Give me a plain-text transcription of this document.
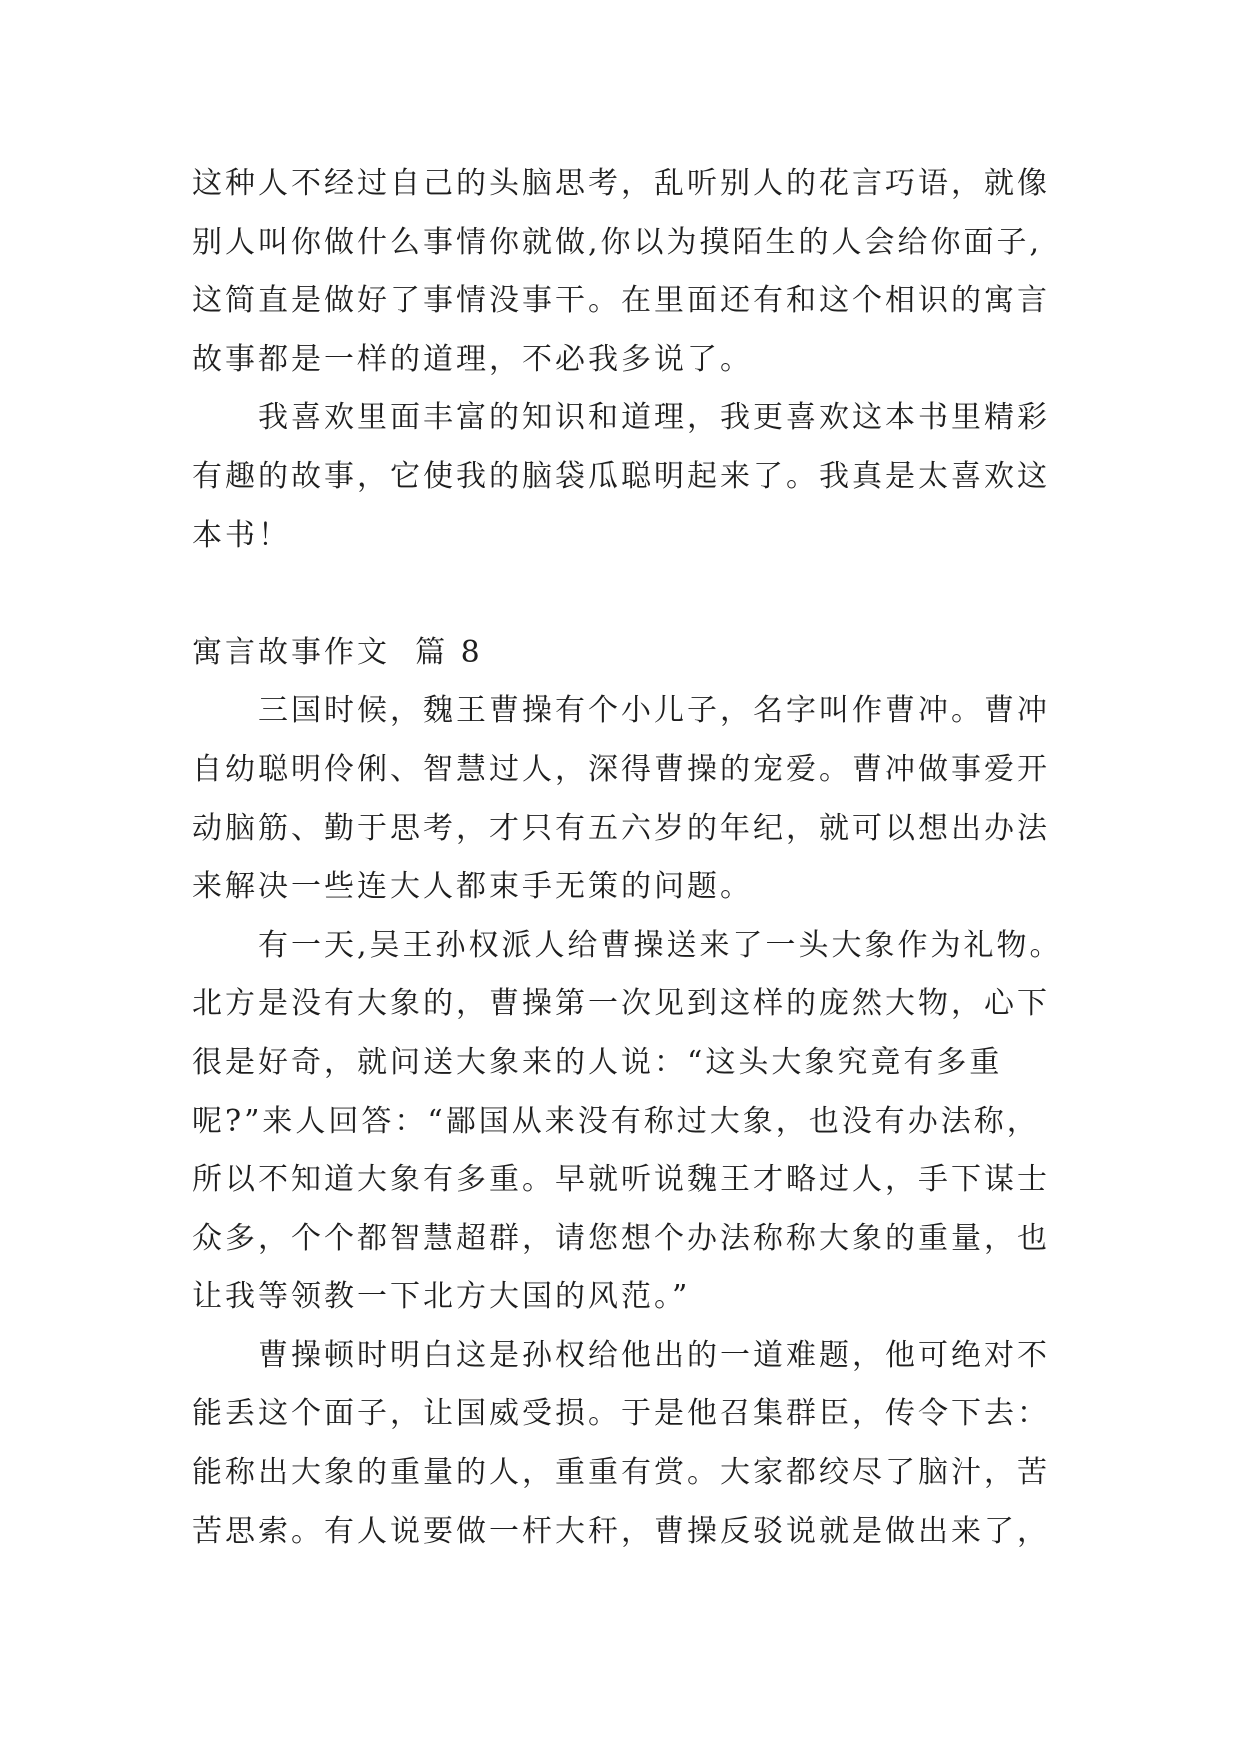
这种人不经过自己的头脑思考，乱听别人的花言巧语，就像
别人叫你做什么事情你就做,你以为摸陌生的人会给你面子,
这简直是做好了事情没事干。在里面还有和这个相识的寓言
故事都是一样的道理，不必我多说了。
我喜欢里面丰富的知识和道理，我更喜欢这本书里精彩
有趣的故事，它使我的脑袋瓜聪明起来了。我真是太喜欢这
本书！
寓言故事作文  篇 8
三国时候，魏王曹操有个小儿子，名字叫作曹冲。曹冲
自幼聪明伶俐、智慧过人，深得曹操的宠爱。曹冲做事爱开
动脑筋、勤于思考，才只有五六岁的年纪，就可以想出办法
来解决一些连大人都束手无策的问题。
有一天,吴王孙权派人给曹操送来了一头大象作为礼物。
北方是没有大象的，曹操第一次见到这样的庞然大物，心下
很是好奇，就问送大象来的人说：“这头大象究竟有多重
呢?”来人回答：“鄙国从来没有称过大象，也没有办法称，
所以不知道大象有多重。早就听说魏王才略过人，手下谋士
众多，个个都智慧超群，请您想个办法称称大象的重量，也
让我等领教一下北方大国的风范。”
曹操顿时明白这是孙权给他出的一道难题，他可绝对不
能丢这个面子，让国威受损。于是他召集群臣，传令下去：
能称出大象的重量的人，重重有赏。大家都绞尽了脑汁，苦
苦思索。有人说要做一杆大秆，曹操反驳说就是做出来了，
